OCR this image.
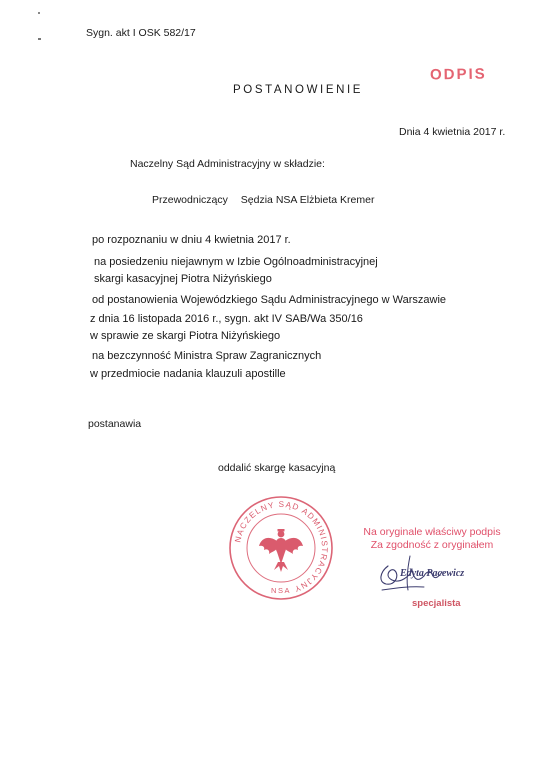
Sygn. akt I OSK 582/17
POSTANOWIENIE
ODPIS
Dnia 4 kwietnia 2017 r.
Naczelny Sąd Administracyjny w składzie:
Przewodniczący Sędzia NSA Elżbieta Kremer
po rozpoznaniu w dniu 4 kwietnia 2017 r.
na posiedzeniu niejawnym w Izbie Ogólnoadministracyjnej
skargi kasacyjnej Piotra Niżyńskiego
od postanowienia Wojewódzkiego Sądu Administracyjnego w Warszawie
z dnia 16 listopada 2016 r., sygn. akt IV SAB/Wa 350/16
w sprawie ze skargi Piotra Niżyńskiego
na bezczynność Ministra Spraw Zagranicznych
w przedmiocie nadania klauzuli apostille
postanawia
oddalić skargę kasacyjną
NACZELNY SĄD ADMINISTRACYJNY
NSA
Na oryginale właściwy podpis
Za zgodność z oryginałem
Edyta Pacewicz
specjalista
